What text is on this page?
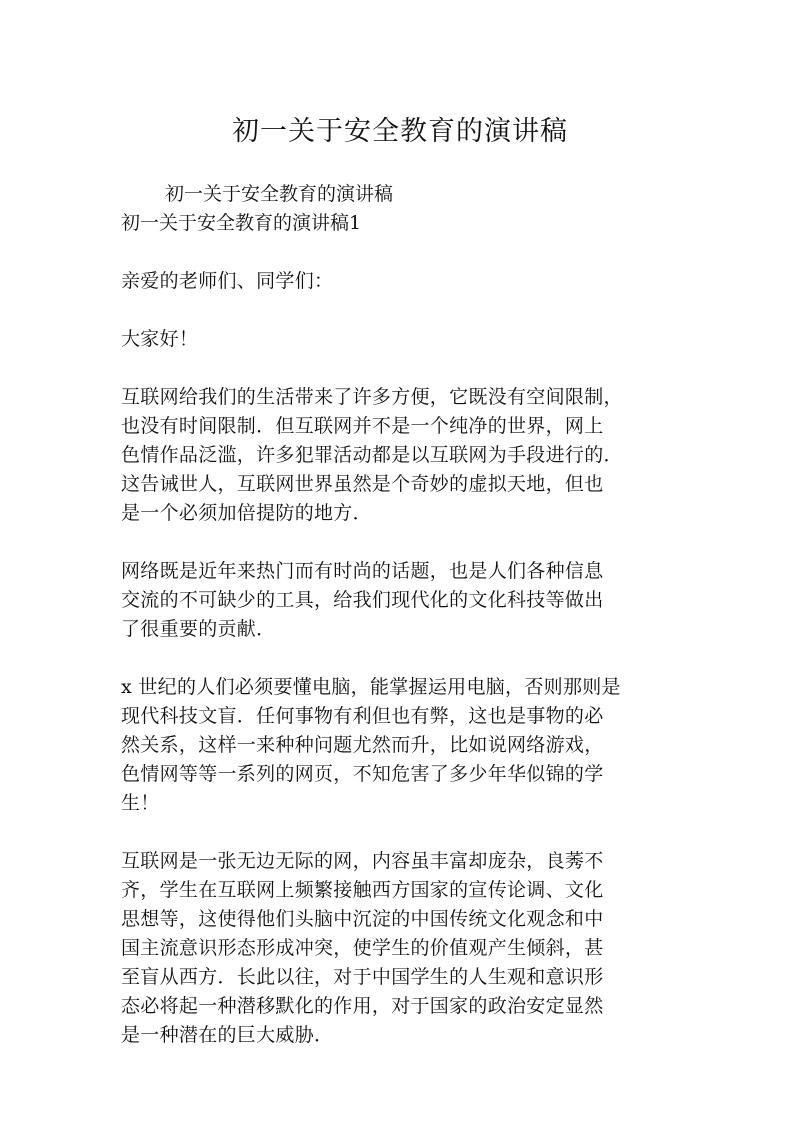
初一关于安全教育的演讲稿
初一关于安全教育的演讲稿
初一关于安全教育的演讲稿1
亲爱的老师们、同学们：
大家好！
互联网给我们的生活带来了许多方便，它既没有空间限制，
也没有时间限制．但互联网并不是一个纯净的世界，网上
色情作品泛滥，许多犯罪活动都是以互联网为手段进行的．
这告诫世人，互联网世界虽然是个奇妙的虚拟天地，但也
是一个必须加倍提防的地方．
网络既是近年来热门而有时尚的话题，也是人们各种信息
交流的不可缺少的工具，给我们现代化的文化科技等做出
了很重要的贡献．
x 世纪的人们必须要懂电脑，能掌握运用电脑，否则那则是
现代科技文盲．任何事物有利但也有弊，这也是事物的必
然关系，这样一来种种问题尤然而升，比如说网络游戏，
色情网等等一系列的网页，不知危害了多少年华似锦的学
生！
互联网是一张无边无际的网，内容虽丰富却庞杂，良莠不
齐，学生在互联网上频繁接触西方国家的宣传论调、文化
思想等，这使得他们头脑中沉淀的中国传统文化观念和中
国主流意识形态形成冲突，使学生的价值观产生倾斜，甚
至盲从西方．长此以往，对于中国学生的人生观和意识形
态必将起一种潜移默化的作用，对于国家的政治安定显然
是一种潜在的巨大威胁．
